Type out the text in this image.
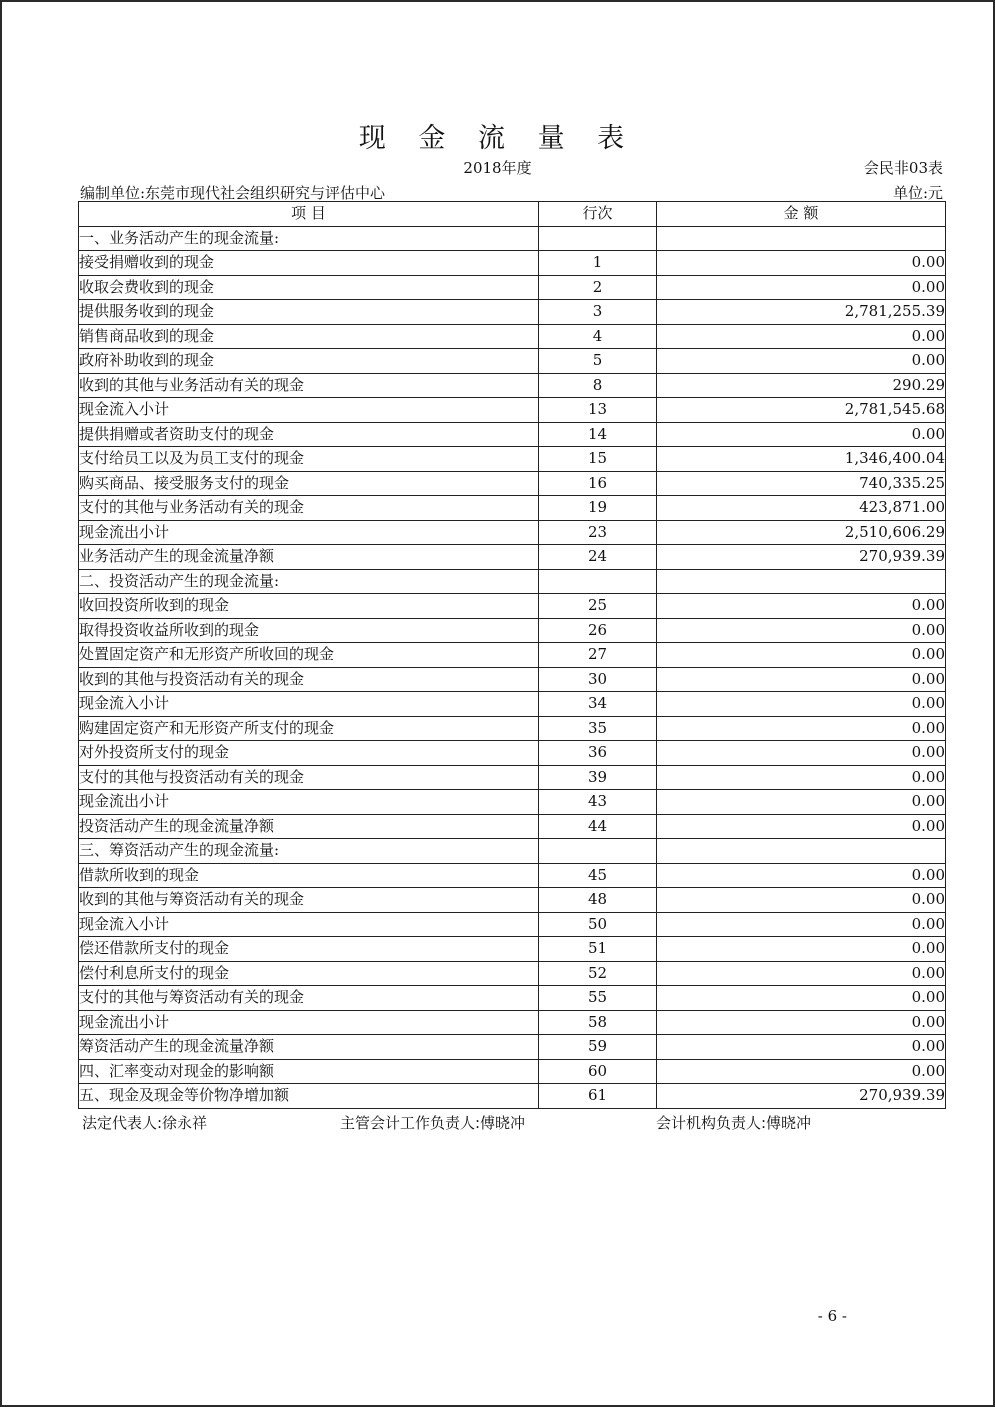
现 金 流 量 表
2018年度	会民非03表
编制单位:东莞市现代社会组织研究与评估中心	单位:元
项 目	行次	金 额
一、业务活动产生的现金流量:		
接受捐赠收到的现金	1	0.00
收取会费收到的现金	2	0.00
提供服务收到的现金	3	2,781,255.39
销售商品收到的现金	4	0.00
政府补助收到的现金	5	0.00
收到的其他与业务活动有关的现金	8	290.29
现金流入小计	13	2,781,545.68
提供捐赠或者资助支付的现金	14	0.00
支付给员工以及为员工支付的现金	15	1,346,400.04
购买商品、接受服务支付的现金	16	740,335.25
支付的其他与业务活动有关的现金	19	423,871.00
现金流出小计	23	2,510,606.29
业务活动产生的现金流量净额	24	270,939.39
二、投资活动产生的现金流量:		
收回投资所收到的现金	25	0.00
取得投资收益所收到的现金	26	0.00
处置固定资产和无形资产所收回的现金	27	0.00
收到的其他与投资活动有关的现金	30	0.00
现金流入小计	34	0.00
购建固定资产和无形资产所支付的现金	35	0.00
对外投资所支付的现金	36	0.00
支付的其他与投资活动有关的现金	39	0.00
现金流出小计	43	0.00
投资活动产生的现金流量净额	44	0.00
三、筹资活动产生的现金流量:		
借款所收到的现金	45	0.00
收到的其他与筹资活动有关的现金	48	0.00
现金流入小计	50	0.00
偿还借款所支付的现金	51	0.00
偿付利息所支付的现金	52	0.00
支付的其他与筹资活动有关的现金	55	0.00
现金流出小计	58	0.00
筹资活动产生的现金流量净额	59	0.00
四、汇率变动对现金的影响额	60	0.00
五、现金及现金等价物净增加额	61	270,939.39
法定代表人:徐永祥	主管会计工作负责人:傅晓冲	会计机构负责人:傅晓冲
- 6 -
